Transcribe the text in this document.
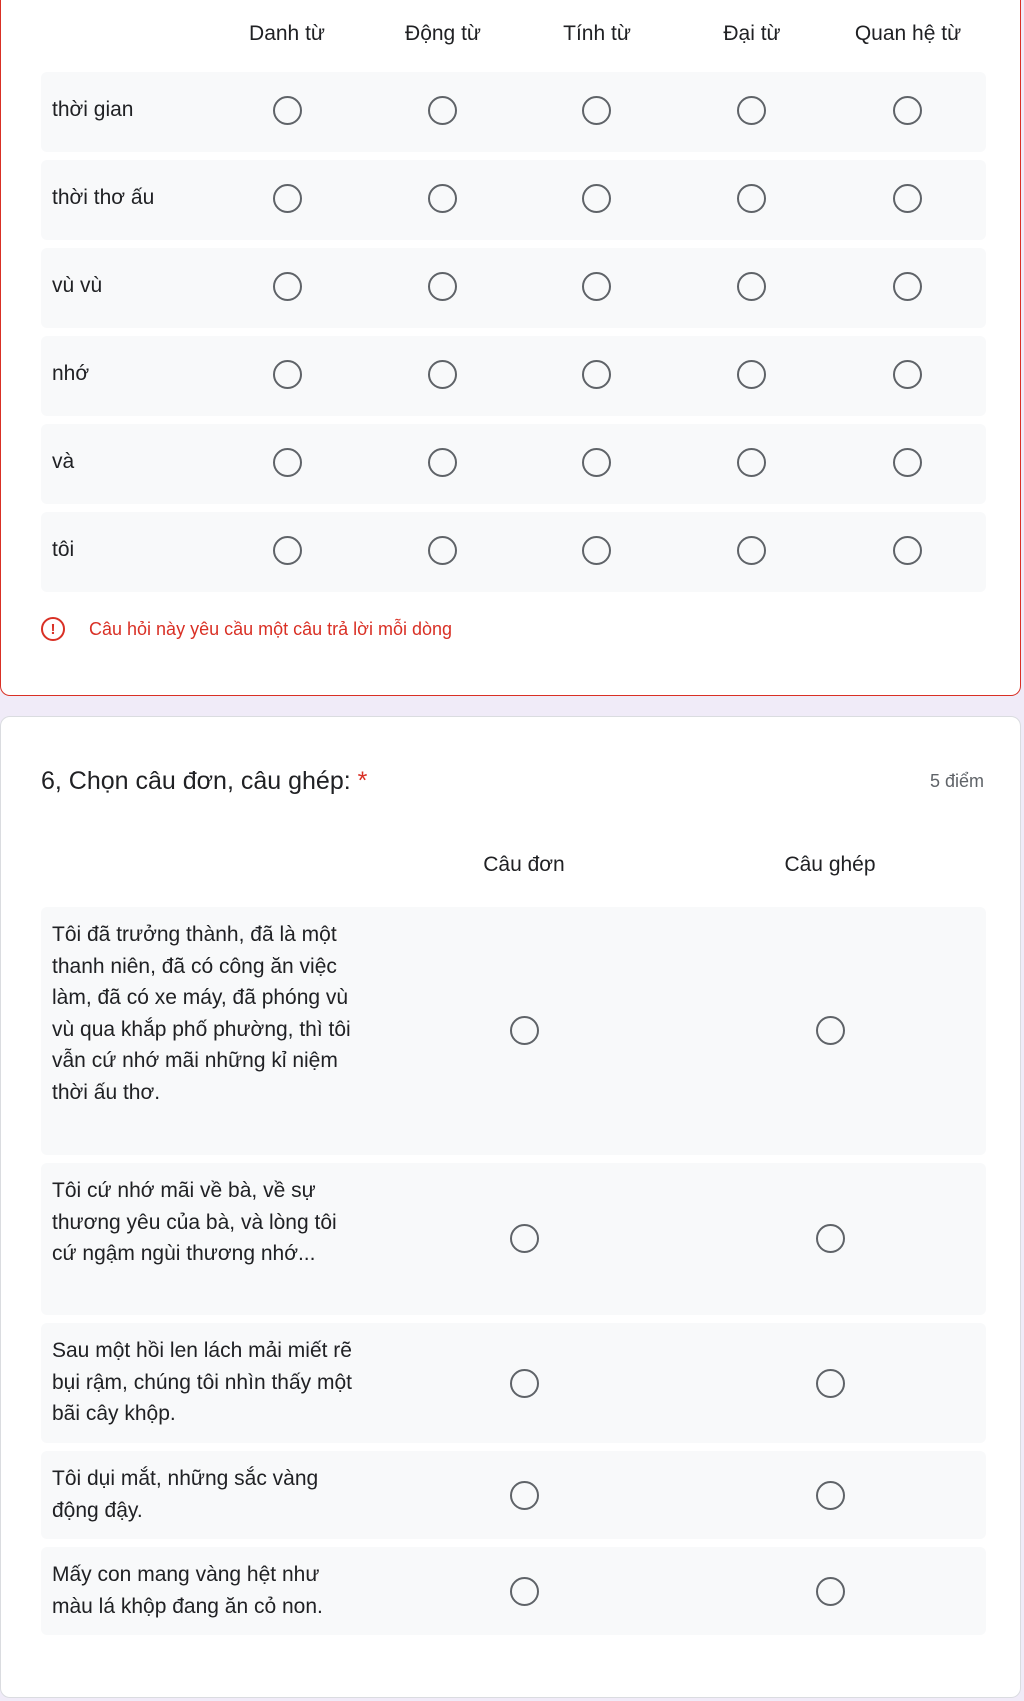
Danh từ	Động từ	Tính từ	Đại từ	Quan hệ từ
thời gian
thời thơ ấu
vù vù
nhớ
và
tôi
!	Câu hỏi này yêu cầu một câu trả lời mỗi dòng
6, Chọn câu đơn, câu ghép: *	5 điểm
Câu đơn	Câu ghép
Tôi đã trưởng thành, đã là một thanh niên, đã có công ăn việc làm, đã có xe máy, đã phóng vù vù qua khắp phố phường, thì tôi vẫn cứ nhớ mãi những kỉ niệm thời ấu thơ.
Tôi cứ nhớ mãi về bà, về sự thương yêu của bà, và lòng tôi cứ ngậm ngùi thương nhớ...
Sau một hồi len lách mải miết rẽ bụi rậm, chúng tôi nhìn thấy một bãi cây khộp.
Tôi dụi mắt, những sắc vàng động đậy.
Mấy con mang vàng hệt như màu lá khộp đang ăn cỏ non.
